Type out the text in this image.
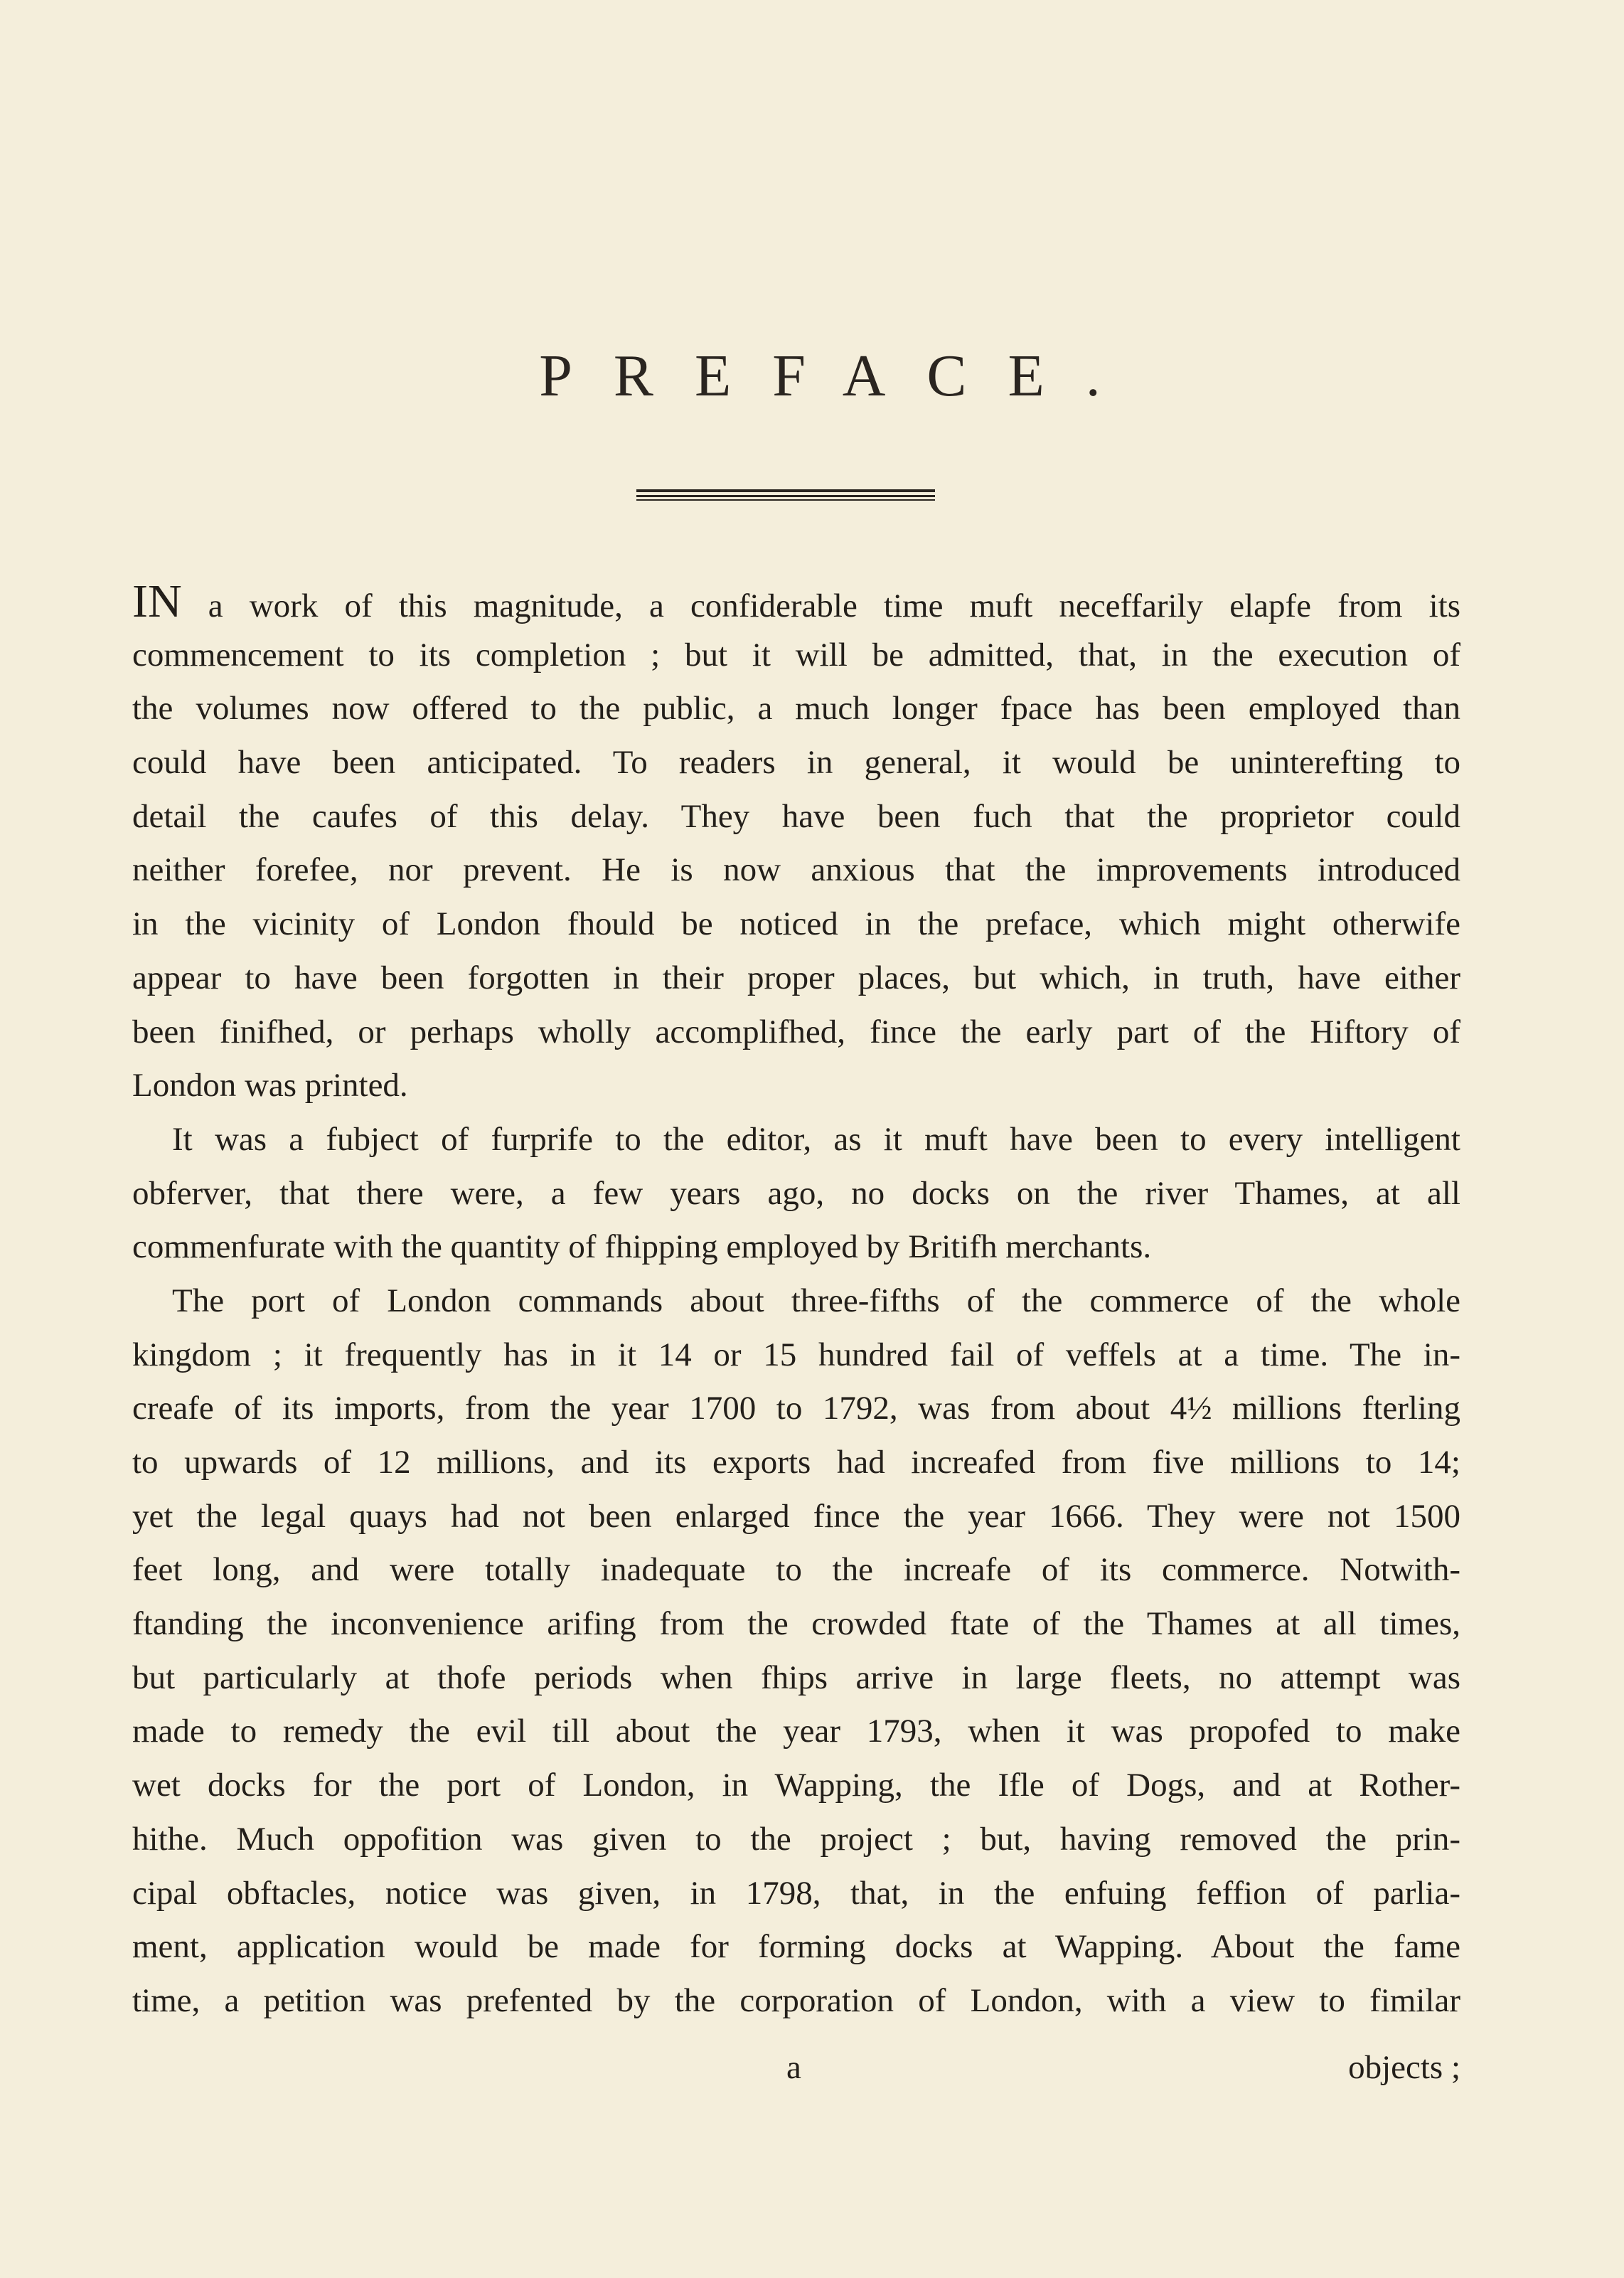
PREFACE.
IN a work of this magnitude, a confiderable time muft neceffarily elapfe from its
commencement to its completion ; but it will be admitted, that, in the execution of
the volumes now offered to the public, a much longer fpace has been employed than
could have been anticipated. To readers in general, it would be uninterefting to
detail the caufes of this delay. They have been fuch that the proprietor could
neither forefee, nor prevent. He is now anxious that the improvements introduced
in the vicinity of London fhould be noticed in the preface, which might otherwife
appear to have been forgotten in their proper places, but which, in truth, have either
been finifhed, or perhaps wholly accomplifhed, fince the early part of the Hiftory of
London was printed.
It was a fubject of furprife to the editor, as it muft have been to every intelligent
obferver, that there were, a few years ago, no docks on the river Thames, at all
commenfurate with the quantity of fhipping employed by Britifh merchants.
The port of London commands about three-fifths of the commerce of the whole
kingdom ; it frequently has in it 14 or 15 hundred fail of veffels at a time. The in-
creafe of its imports, from the year 1700 to 1792, was from about 4½ millions fterling
to upwards of 12 millions, and its exports had increafed from five millions to 14;
yet the legal quays had not been enlarged fince the year 1666. They were not 1500
feet long, and were totally inadequate to the increafe of its commerce. Notwith-
ftanding the inconvenience arifing from the crowded ftate of the Thames at all times,
but particularly at thofe periods when fhips arrive in large fleets, no attempt was
made to remedy the evil till about the year 1793, when it was propofed to make
wet docks for the port of London, in Wapping, the Ifle of Dogs, and at Rother-
hithe. Much oppofition was given to the project ; but, having removed the prin-
cipal obftacles, notice was given, in 1798, that, in the enfuing feffion of parlia-
ment, application would be made for forming docks at Wapping. About the fame
time, a petition was prefented by the corporation of London, with a view to fimilar
a	objects ;
